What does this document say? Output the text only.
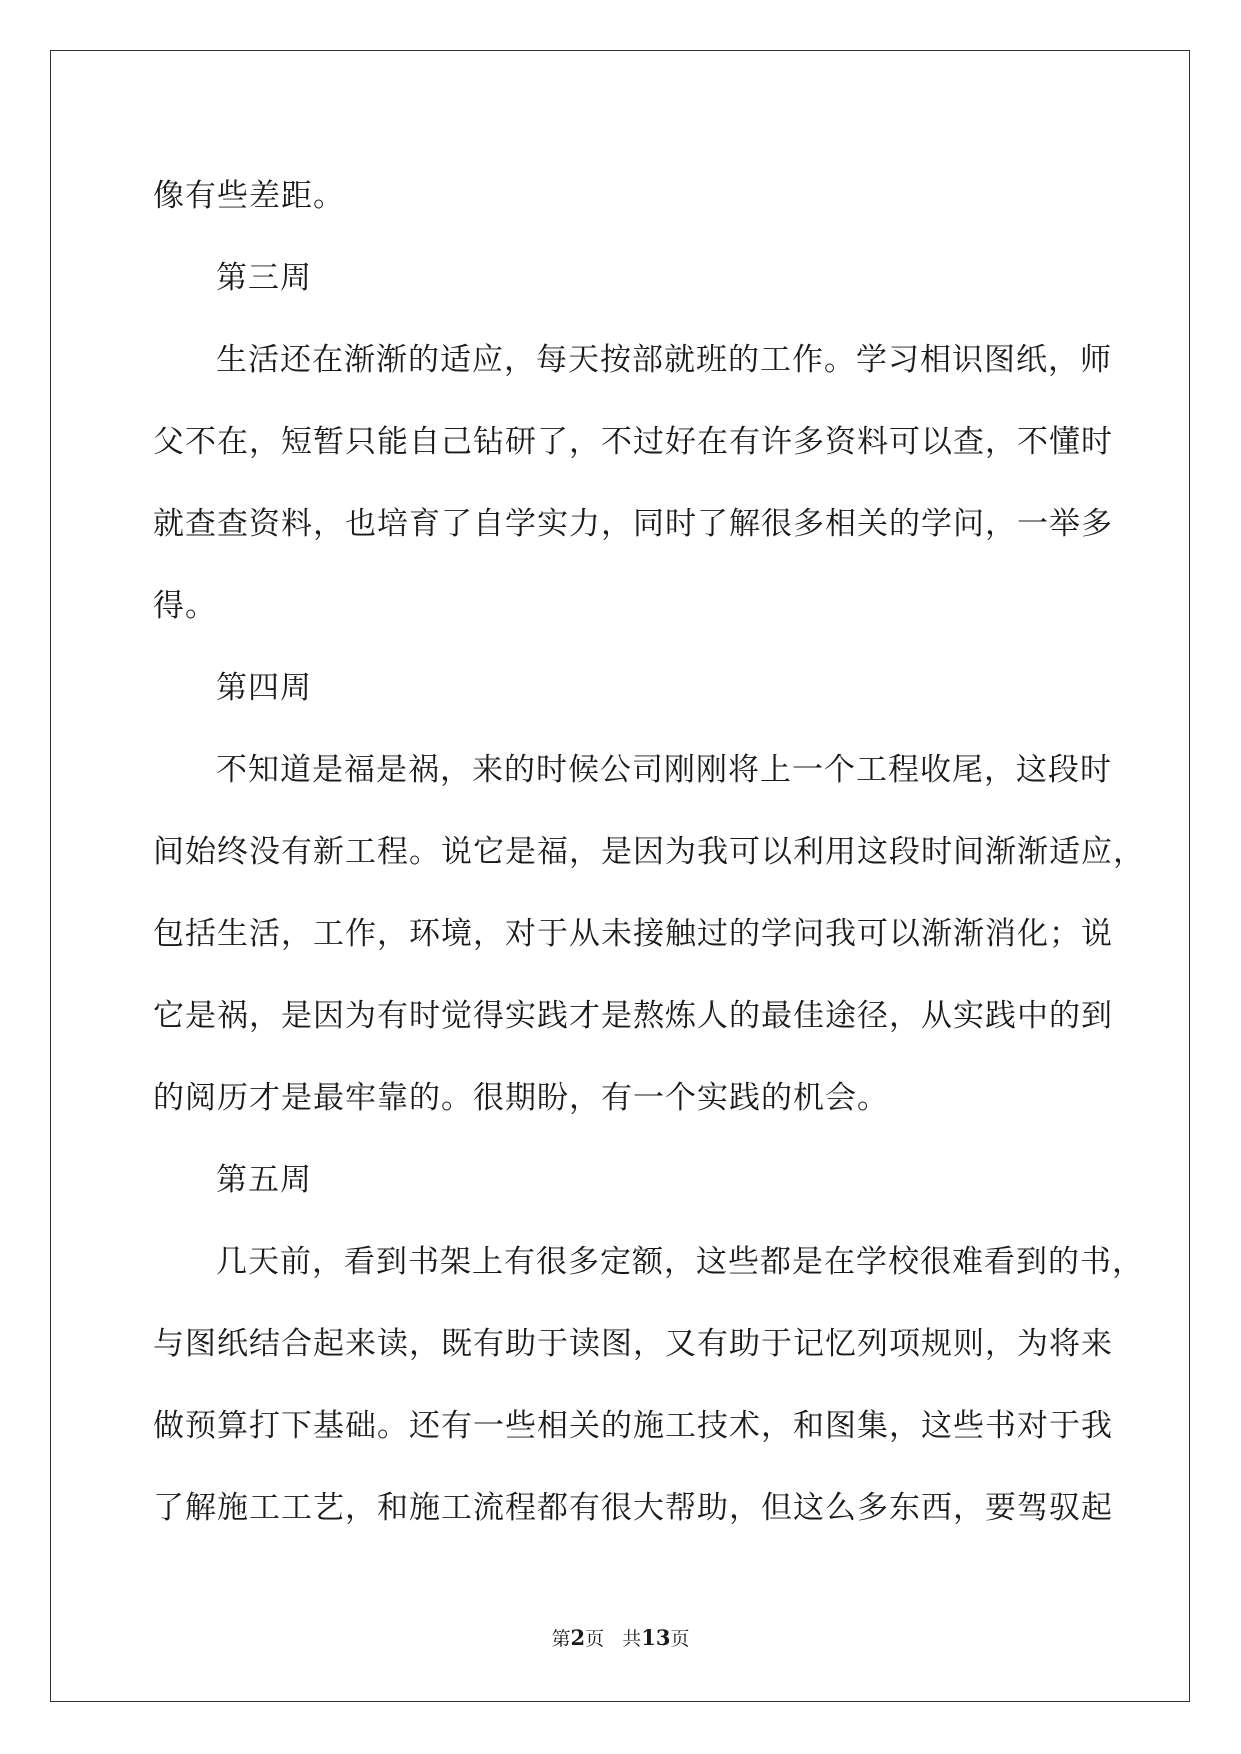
像有些差距。
第三周
生活还在渐渐的适应，每天按部就班的工作。学习相识图纸，师
父不在，短暂只能自己钻研了，不过好在有许多资料可以查，不懂时
就查查资料，也培育了自学实力，同时了解很多相关的学问，一举多
得。
第四周
不知道是福是祸，来的时候公司刚刚将上一个工程收尾，这段时
间始终没有新工程。说它是福，是因为我可以利用这段时间渐渐适应，
包括生活，工作，环境，对于从未接触过的学问我可以渐渐消化；说
它是祸，是因为有时觉得实践才是熬炼人的最佳途径，从实践中的到
的阅历才是最牢靠的。很期盼，有一个实践的机会。
第五周
几天前，看到书架上有很多定额，这些都是在学校很难看到的书，
与图纸结合起来读，既有助于读图，又有助于记忆列项规则，为将来
做预算打下基础。还有一些相关的施工技术，和图集，这些书对于我
了解施工工艺，和施工流程都有很大帮助，但这么多东西，要驾驭起
第2页 共13页
